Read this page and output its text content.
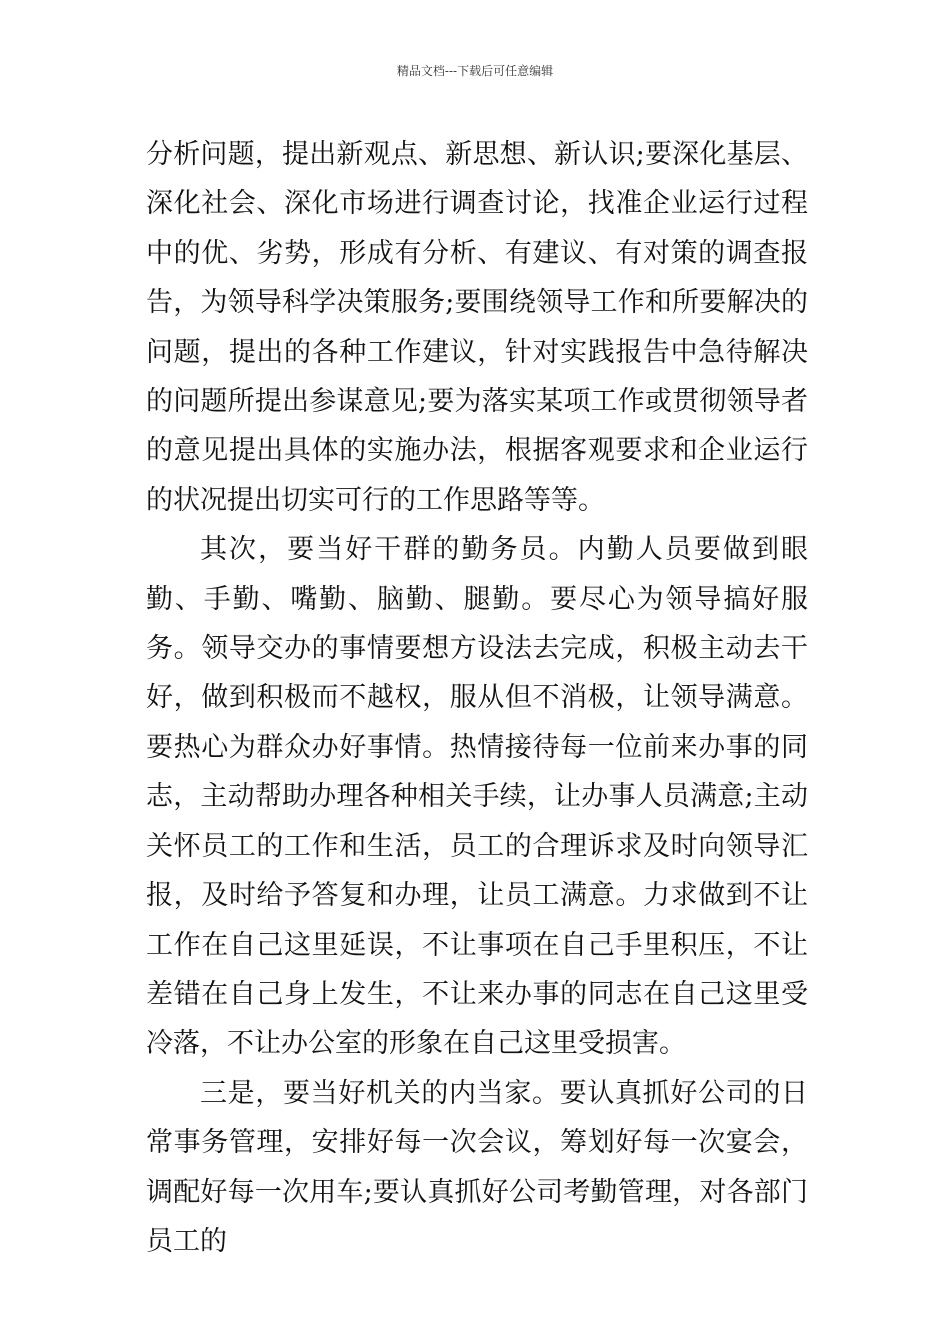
精品文档---下载后可任意编辑

分析问题，提出新观点、新思想、新认识;要深化基层、深化社会、深化市场进行调查讨论，找准企业运行过程中的优、劣势，形成有分析、有建议、有对策的调查报告，为领导科学决策服务;要围绕领导工作和所要解决的问题，提出的各种工作建议，针对实践报告中急待解决的问题所提出参谋意见;要为落实某项工作或贯彻领导者的意见提出具体的实施办法，根据客观要求和企业运行的状况提出切实可行的工作思路等等。

其次，要当好干群的勤务员。内勤人员要做到眼勤、手勤、嘴勤、脑勤、腿勤。要尽心为领导搞好服务。领导交办的事情要想方设法去完成，积极主动去干好，做到积极而不越权，服从但不消极，让领导满意。要热心为群众办好事情。热情接待每一位前来办事的同志，主动帮助办理各种相关手续，让办事人员满意;主动关怀员工的工作和生活，员工的合理诉求及时向领导汇报，及时给予答复和办理，让员工满意。力求做到不让工作在自己这里延误，不让事项在自己手里积压，不让差错在自己身上发生，不让来办事的同志在自己这里受冷落，不让办公室的形象在自己这里受损害。

三是，要当好机关的内当家。要认真抓好公司的日常事务管理，安排好每一次会议，筹划好每一次宴会，调配好每一次用车;要认真抓好公司考勤管理，对各部门员工的
